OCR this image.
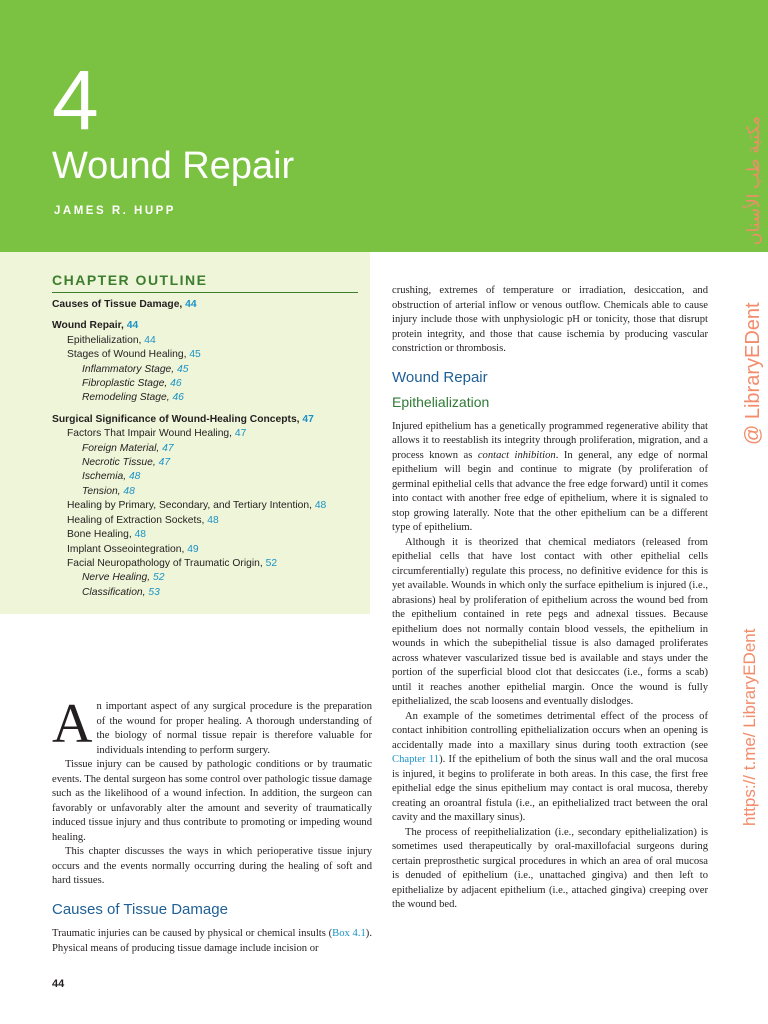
4
Wound Repair
JAMES R. HUPP
CHAPTER OUTLINE
Causes of Tissue Damage, 44
Wound Repair, 44
Epithelialization, 44
Stages of Wound Healing, 45
Inflammatory Stage, 45
Fibroplastic Stage, 46
Remodeling Stage, 46
Surgical Significance of Wound-Healing Concepts, 47
Factors That Impair Wound Healing, 47
Foreign Material, 47
Necrotic Tissue, 47
Ischemia, 48
Tension, 48
Healing by Primary, Secondary, and Tertiary Intention, 48
Healing of Extraction Sockets, 48
Bone Healing, 48
Implant Osseointegration, 49
Facial Neuropathology of Traumatic Origin, 52
Nerve Healing, 52
Classification, 53

An important aspect of any surgical procedure is the preparation of the wound for proper healing. A thorough understanding of the biology of normal tissue repair is therefore valuable for individuals intending to perform surgery.

Tissue injury can be caused by pathologic conditions or by traumatic events. The dental surgeon has some control over pathologic tissue damage such as the likelihood of a wound infection. In addition, the surgeon can favorably or unfavorably alter the amount and severity of traumatically induced tissue injury and thus contribute to promoting or impeding wound healing.

This chapter discusses the ways in which perioperative tissue injury occurs and the events normally occurring during the healing of soft and hard tissues.

Causes of Tissue Damage

Traumatic injuries can be caused by physical or chemical insults (Box 4.1). Physical means of producing tissue damage include incision or

crushing, extremes of temperature or irradiation, desiccation, and obstruction of arterial inflow or venous outflow. Chemicals able to cause injury include those with unphysiologic pH or tonicity, those that disrupt protein integrity, and those that cause ischemia by producing vascular constriction or thrombosis.

Wound Repair
Epithelialization

Injured epithelium has a genetically programmed regenerative ability that allows it to reestablish its integrity through proliferation, migration, and a process known as contact inhibition. In general, any edge of normal epithelium will begin and continue to migrate (by proliferation of germinal epithelial cells that advance the free edge forward) until it comes into contact with another free edge of epithelium, where it is signaled to stop growing laterally. Note that the other epithelium can be a different type of epithelium.

Although it is theorized that chemical mediators (released from epithelial cells that have lost contact with other epithelial cells circumferentially) regulate this process, no definitive evidence for this is yet available. Wounds in which only the surface epithelium is injured (i.e., abrasions) heal by proliferation of epithelium across the wound bed from the epithelium contained in rete pegs and adnexal tissues. Because epithelium does not normally contain blood vessels, the epithelium in wounds in which the subepithelial tissue is also damaged proliferates across whatever vascularized tissue bed is available and stays under the portion of the superficial blood clot that desiccates (i.e., forms a scab) until it reaches another epithelial margin. Once the wound is fully epithelialized, the scab loosens and eventually dislodges.

An example of the sometimes detrimental effect of the process of contact inhibition controlling epithelialization occurs when an opening is accidentally made into a maxillary sinus during tooth extraction (see Chapter 11). If the epithelium of both the sinus wall and the oral mucosa is injured, it begins to proliferate in both areas. In this case, the first free epithelial edge the sinus epithelium may contact is oral mucosa, thereby creating an oroantral fistula (i.e., an epithelialized tract between the oral cavity and the maxillary sinus).

The process of reepithelialization (i.e., secondary epithelialization) is sometimes used therapeutically by oral-maxillofacial surgeons during certain preprosthetic surgical procedures in which an area of oral mucosa is denuded of epithelium (i.e., unattached gingiva) and then left to epithelialize by adjacent epithelium (i.e., attached gingiva) creeping over the wound bed.

44
@ LibraryEDent
https:// t.me/ LibraryEDent
مكتبة طب الأسنان
